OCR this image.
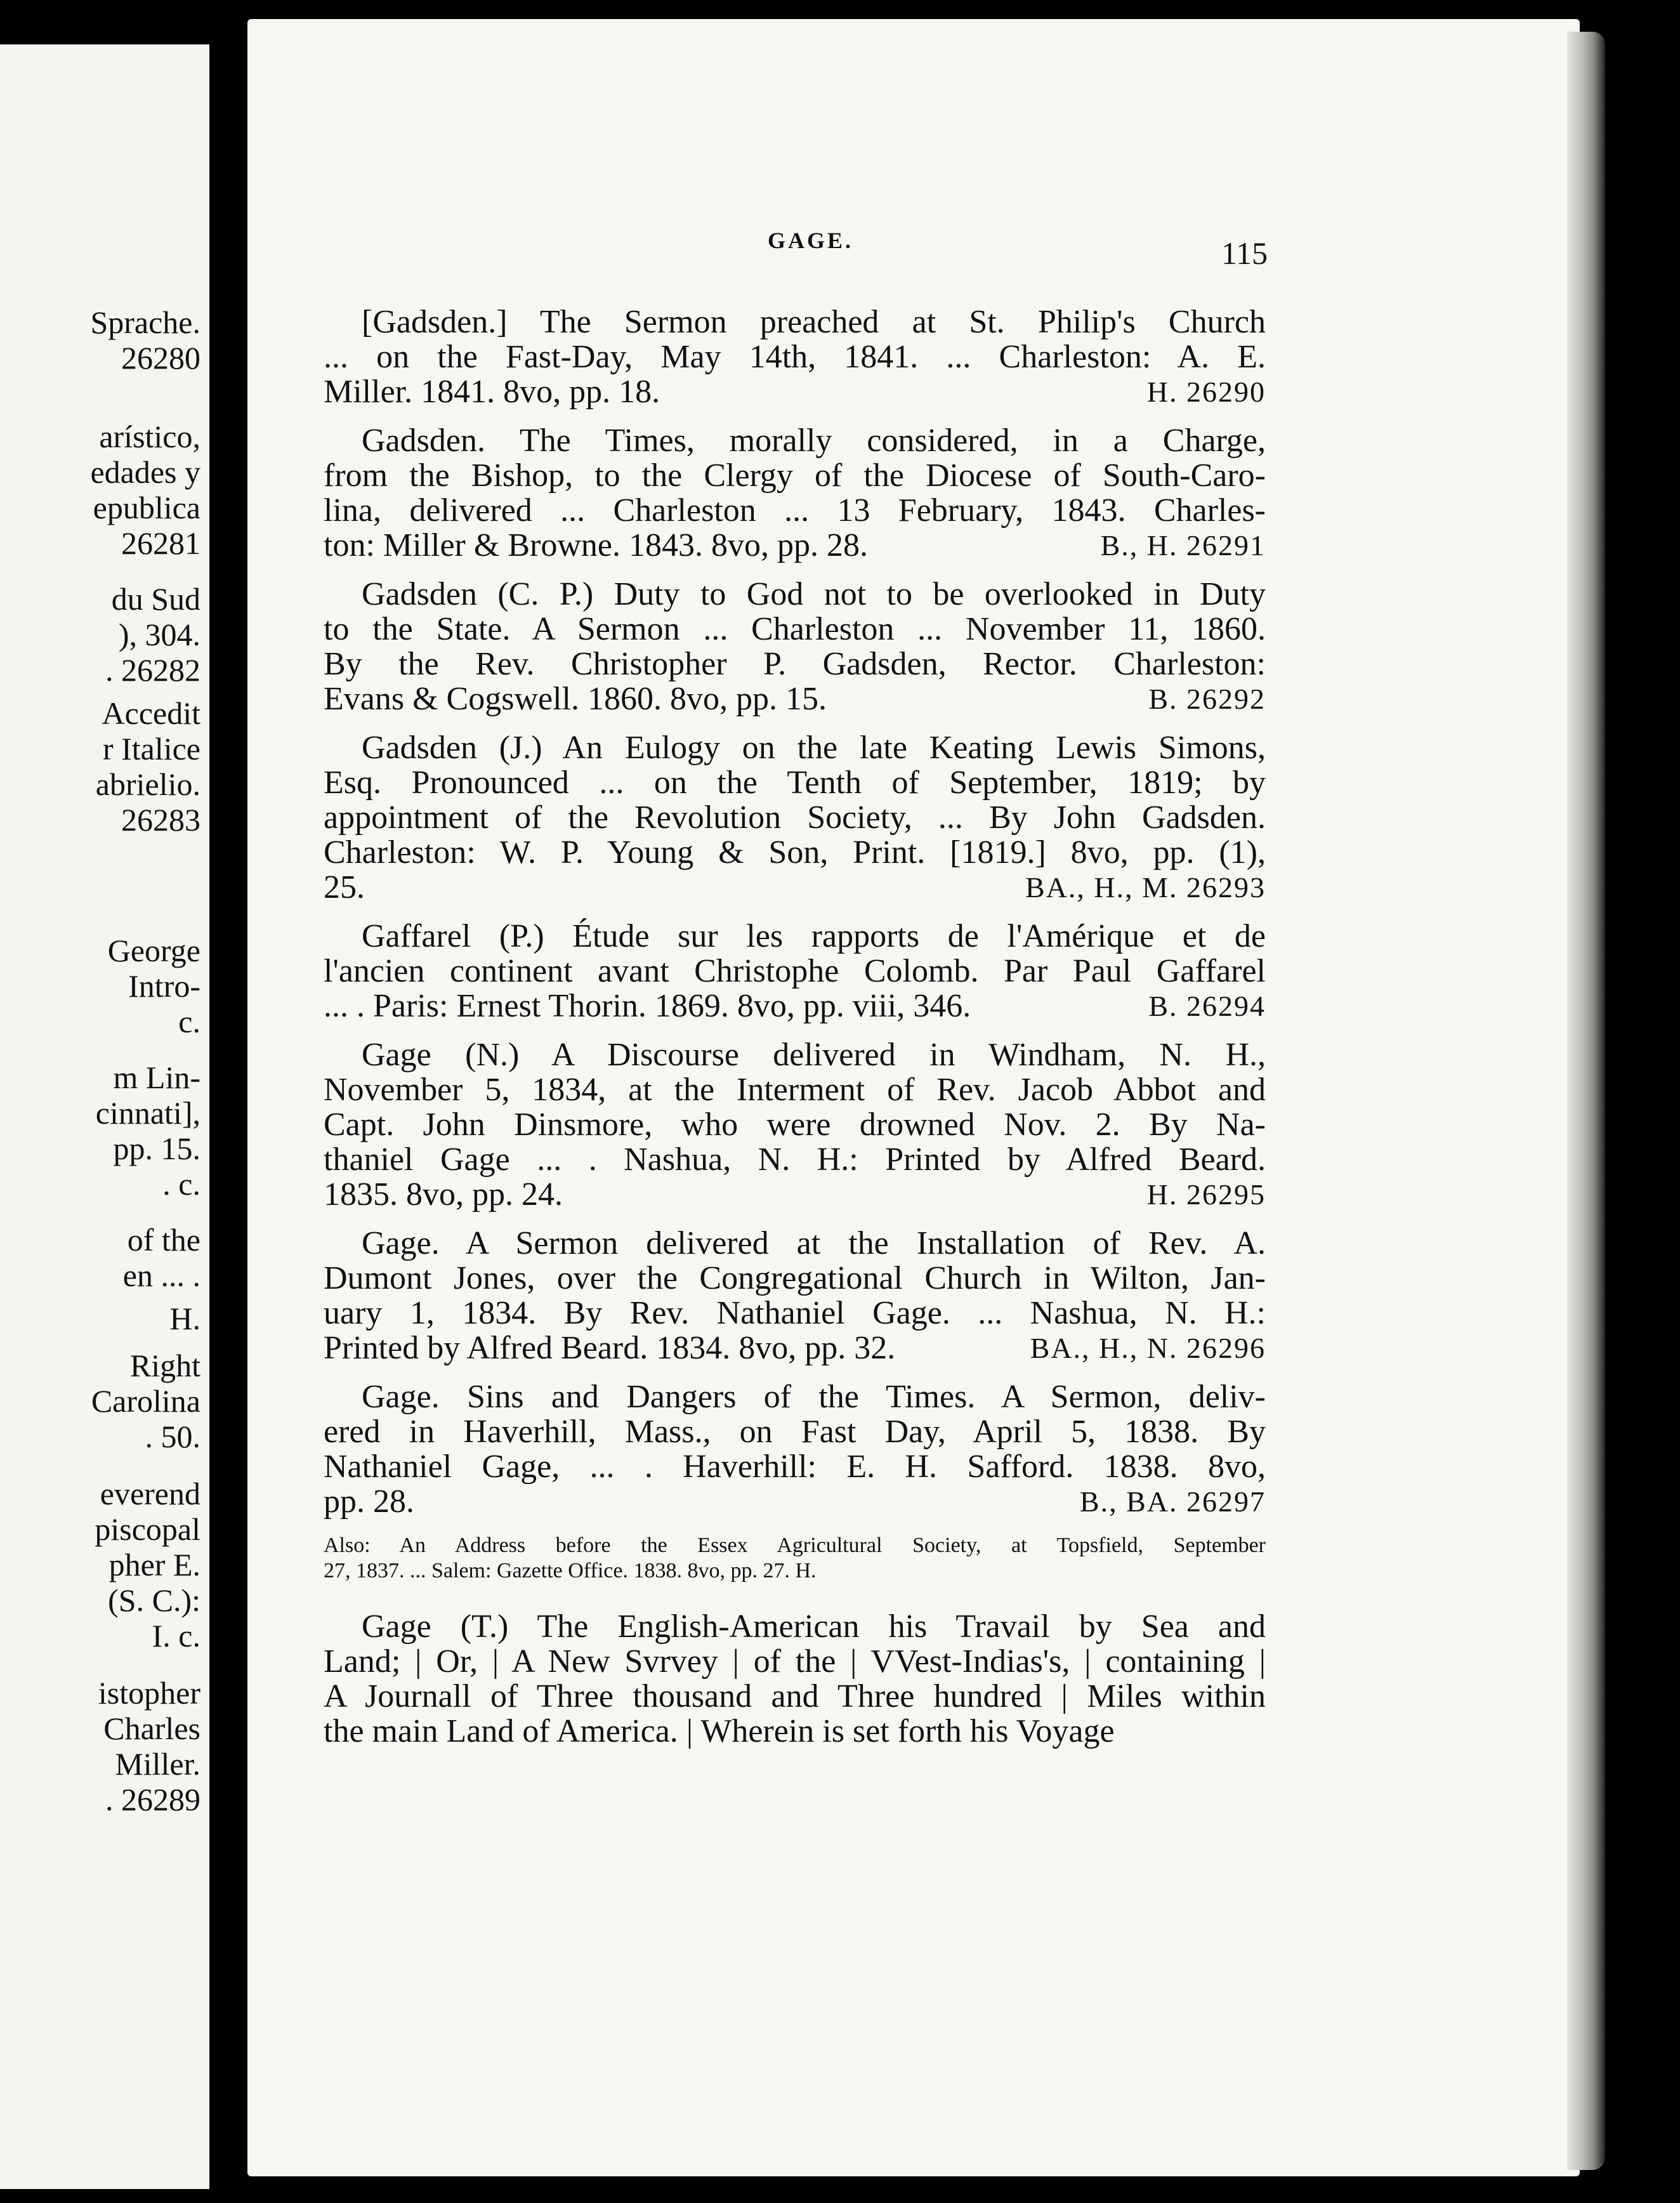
Sprache.
26280
arístico,
edades y
epublica
26281
du Sud
), 304.
. 26282
Accedit
r Italice
abrielio.
26283
George
Intro-
c.
m Lin-
cinnati],
pp. 15.
. c.
of the
en ... .
H.
Right
Carolina
. 50.
everend
piscopal
pher E.
(S. C.):
I. c.
istopher
Charles
Miller.
. 26289
GAGE.	115
[Gadsden.] The Sermon preached at St. Philip's Church
... on the Fast-Day, May 14th, 1841. ... Charleston: A. E.
Miller. 1841. 8vo, pp. 18.	H. 26290
Gadsden. The Times, morally considered, in a Charge,
from the Bishop, to the Clergy of the Diocese of South-Caro-
lina, delivered ... Charleston ... 13 February, 1843. Charles-
ton: Miller & Browne. 1843. 8vo, pp. 28.	B., H. 26291
Gadsden (C. P.) Duty to God not to be overlooked in Duty
to the State. A Sermon ... Charleston ... November 11, 1860.
By the Rev. Christopher P. Gadsden, Rector. Charleston:
Evans & Cogswell. 1860. 8vo, pp. 15.	B. 26292
Gadsden (J.) An Eulogy on the late Keating Lewis Simons,
Esq. Pronounced ... on the Tenth of September, 1819; by
appointment of the Revolution Society, ... By John Gadsden.
Charleston: W. P. Young & Son, Print. [1819.] 8vo, pp. (1),
25.	BA., H., M. 26293
Gaffarel (P.) Étude sur les rapports de l'Amérique et de
l'ancien continent avant Christophe Colomb. Par Paul Gaffarel
... . Paris: Ernest Thorin. 1869. 8vo, pp. viii, 346.	B. 26294
Gage (N.) A Discourse delivered in Windham, N. H.,
November 5, 1834, at the Interment of Rev. Jacob Abbot and
Capt. John Dinsmore, who were drowned Nov. 2. By Na-
thaniel Gage ... . Nashua, N. H.: Printed by Alfred Beard.
1835. 8vo, pp. 24.	H. 26295
Gage. A Sermon delivered at the Installation of Rev. A.
Dumont Jones, over the Congregational Church in Wilton, Jan-
uary 1, 1834. By Rev. Nathaniel Gage. ... Nashua, N. H.:
Printed by Alfred Beard. 1834. 8vo, pp. 32.	BA., H., N. 26296
Gage. Sins and Dangers of the Times. A Sermon, deliv-
ered in Haverhill, Mass., on Fast Day, April 5, 1838. By
Nathaniel Gage, ... . Haverhill: E. H. Safford. 1838. 8vo,
pp. 28.	B., BA. 26297
Also: An Address before the Essex Agricultural Society, at Topsfield, September
27, 1837. ... Salem: Gazette Office. 1838. 8vo, pp. 27. H.
Gage (T.) The English-American his Travail by Sea and
Land; | Or, | A New Svrvey | of the | VVest-Indias's, | containing |
A Journall of Three thousand and Three hundred | Miles within
the main Land of America. | Wherein is set forth his Voyage
